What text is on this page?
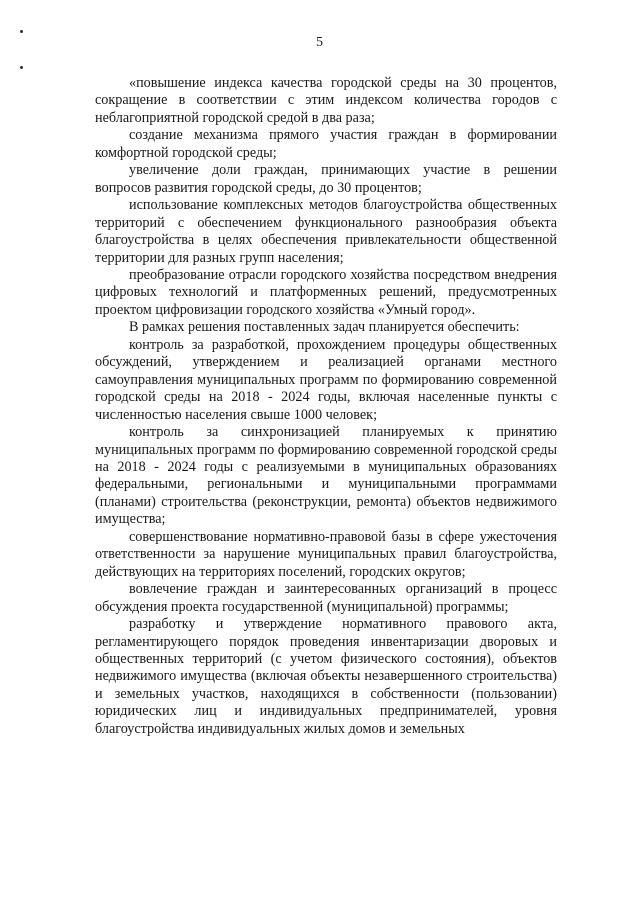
5

«повышение индекса качества городской среды на 30 процентов, сокращение в соответствии с этим индексом количества городов с неблагоприятной городской средой в два раза;

создание механизма прямого участия граждан в формировании комфортной городской среды;

увеличение доли граждан, принимающих участие в решении вопросов развития городской среды, до 30 процентов;

использование комплексных методов благоустройства общественных территорий с обеспечением функционального разнообразия объекта благоустройства в целях обеспечения привлекательности общественной территории для разных групп населения;

преобразование отрасли городского хозяйства посредством внедрения цифровых технологий и платформенных решений, предусмотренных проектом цифровизации городского хозяйства «Умный город».

В рамках решения поставленных задач планируется обеспечить:

контроль за разработкой, прохождением процедуры общественных обсуждений, утверждением и реализацией органами местного самоуправления муниципальных программ по формированию современной городской среды на 2018 - 2024 годы, включая населенные пункты с численностью населения свыше 1000 человек;

контроль за синхронизацией планируемых к принятию муниципальных программ по формированию современной городской среды на 2018 - 2024 годы с реализуемыми в муниципальных образованиях федеральными, региональными и муниципальными программами (планами) строительства (реконструкции, ремонта) объектов недвижимого имущества;

совершенствование нормативно-правовой базы в сфере ужесточения ответственности за нарушение муниципальных правил благоустройства, действующих на территориях поселений, городских округов;

вовлечение граждан и заинтересованных организаций в процесс обсуждения проекта государственной (муниципальной) программы;

разработку и утверждение нормативного правового акта, регламентирующего порядок проведения инвентаризации дворовых и общественных территорий (с учетом физического состояния), объектов недвижимого имущества (включая объекты незавершенного строительства) и земельных участков, находящихся в собственности (пользовании) юридических лиц и индивидуальных предпринимателей, уровня благоустройства индивидуальных жилых домов и земельных
